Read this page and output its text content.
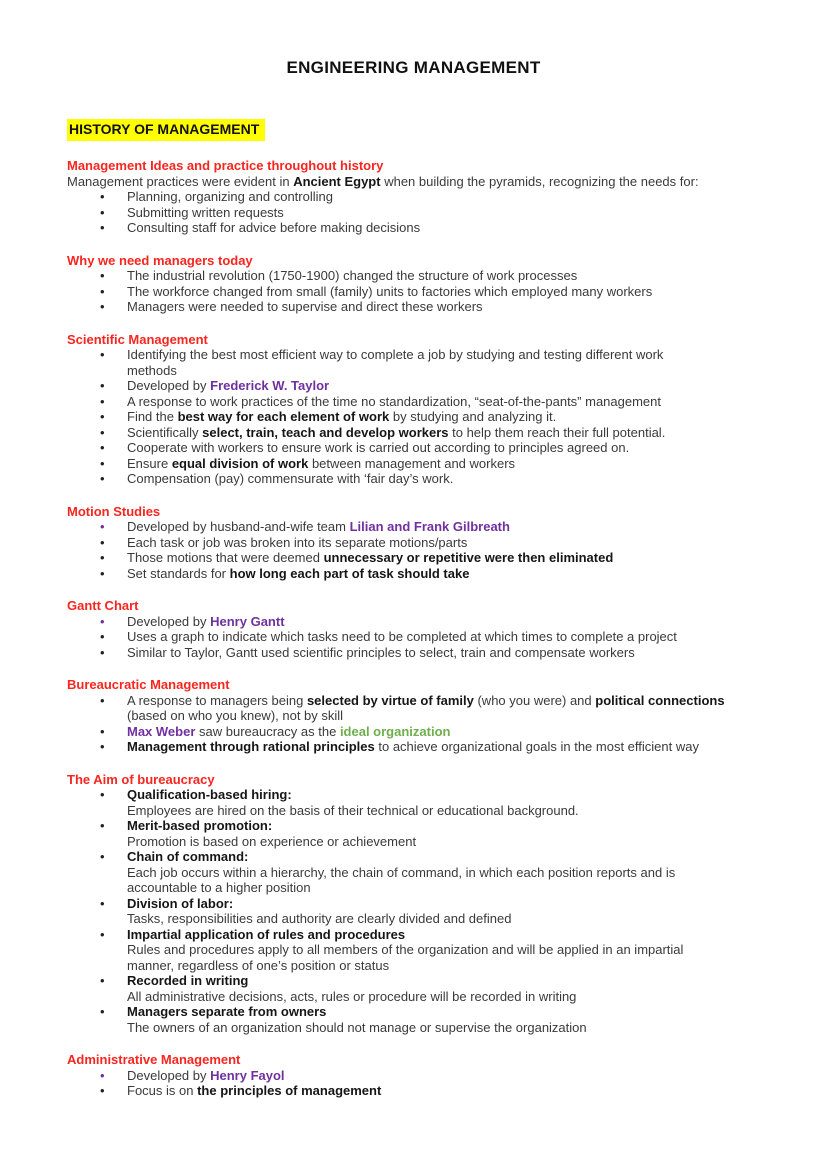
ENGINEERING MANAGEMENT
HISTORY OF MANAGEMENT
Management Ideas and practice throughout history
Management practices were evident in Ancient Egypt when building the pyramids, recognizing the needs for:
•	Planning, organizing and controlling
•	Submitting written requests
•	Consulting staff for advice before making decisions
Why we need managers today
•	The industrial revolution (1750-1900) changed the structure of work processes
•	The workforce changed from small (family) units to factories which employed many workers
•	Managers were needed to supervise and direct these workers
Scientific Management
•	Identifying the best most efficient way to complete a job by studying and testing different work
methods
•	Developed by Frederick W. Taylor
•	A response to work practices of the time no standardization, “seat-of-the-pants” management
•	Find the best way for each element of work by studying and analyzing it.
•	Scientifically select, train, teach and develop workers to help them reach their full potential.
•	Cooperate with workers to ensure work is carried out according to principles agreed on.
•	Ensure equal division of work between management and workers
•	Compensation (pay) commensurate with ‘fair day’s work.
Motion Studies
•	Developed by husband-and-wife team Lilian and Frank Gilbreath
•	Each task or job was broken into its separate motions/parts
•	Those motions that were deemed unnecessary or repetitive were then eliminated
•	Set standards for how long each part of task should take
Gantt Chart
•	Developed by Henry Gantt
•	Uses a graph to indicate which tasks need to be completed at which times to complete a project
•	Similar to Taylor, Gantt used scientific principles to select, train and compensate workers
Bureaucratic Management
•	A response to managers being selected by virtue of family (who you were) and political connections
(based on who you knew), not by skill
•	Max Weber saw bureaucracy as the ideal organization
•	Management through rational principles to achieve organizational goals in the most efficient way
The Aim of bureaucracy
•	Qualification-based hiring:
Employees are hired on the basis of their technical or educational background.
•	Merit-based promotion:
Promotion is based on experience or achievement
•	Chain of command:
Each job occurs within a hierarchy, the chain of command, in which each position reports and is
accountable to a higher position
•	Division of labor:
Tasks, responsibilities and authority are clearly divided and defined
•	Impartial application of rules and procedures
Rules and procedures apply to all members of the organization and will be applied in an impartial
manner, regardless of one’s position or status
•	Recorded in writing
All administrative decisions, acts, rules or procedure will be recorded in writing
•	Managers separate from owners
The owners of an organization should not manage or supervise the organization
Administrative Management
•	Developed by Henry Fayol
•	Focus is on the principles of management
